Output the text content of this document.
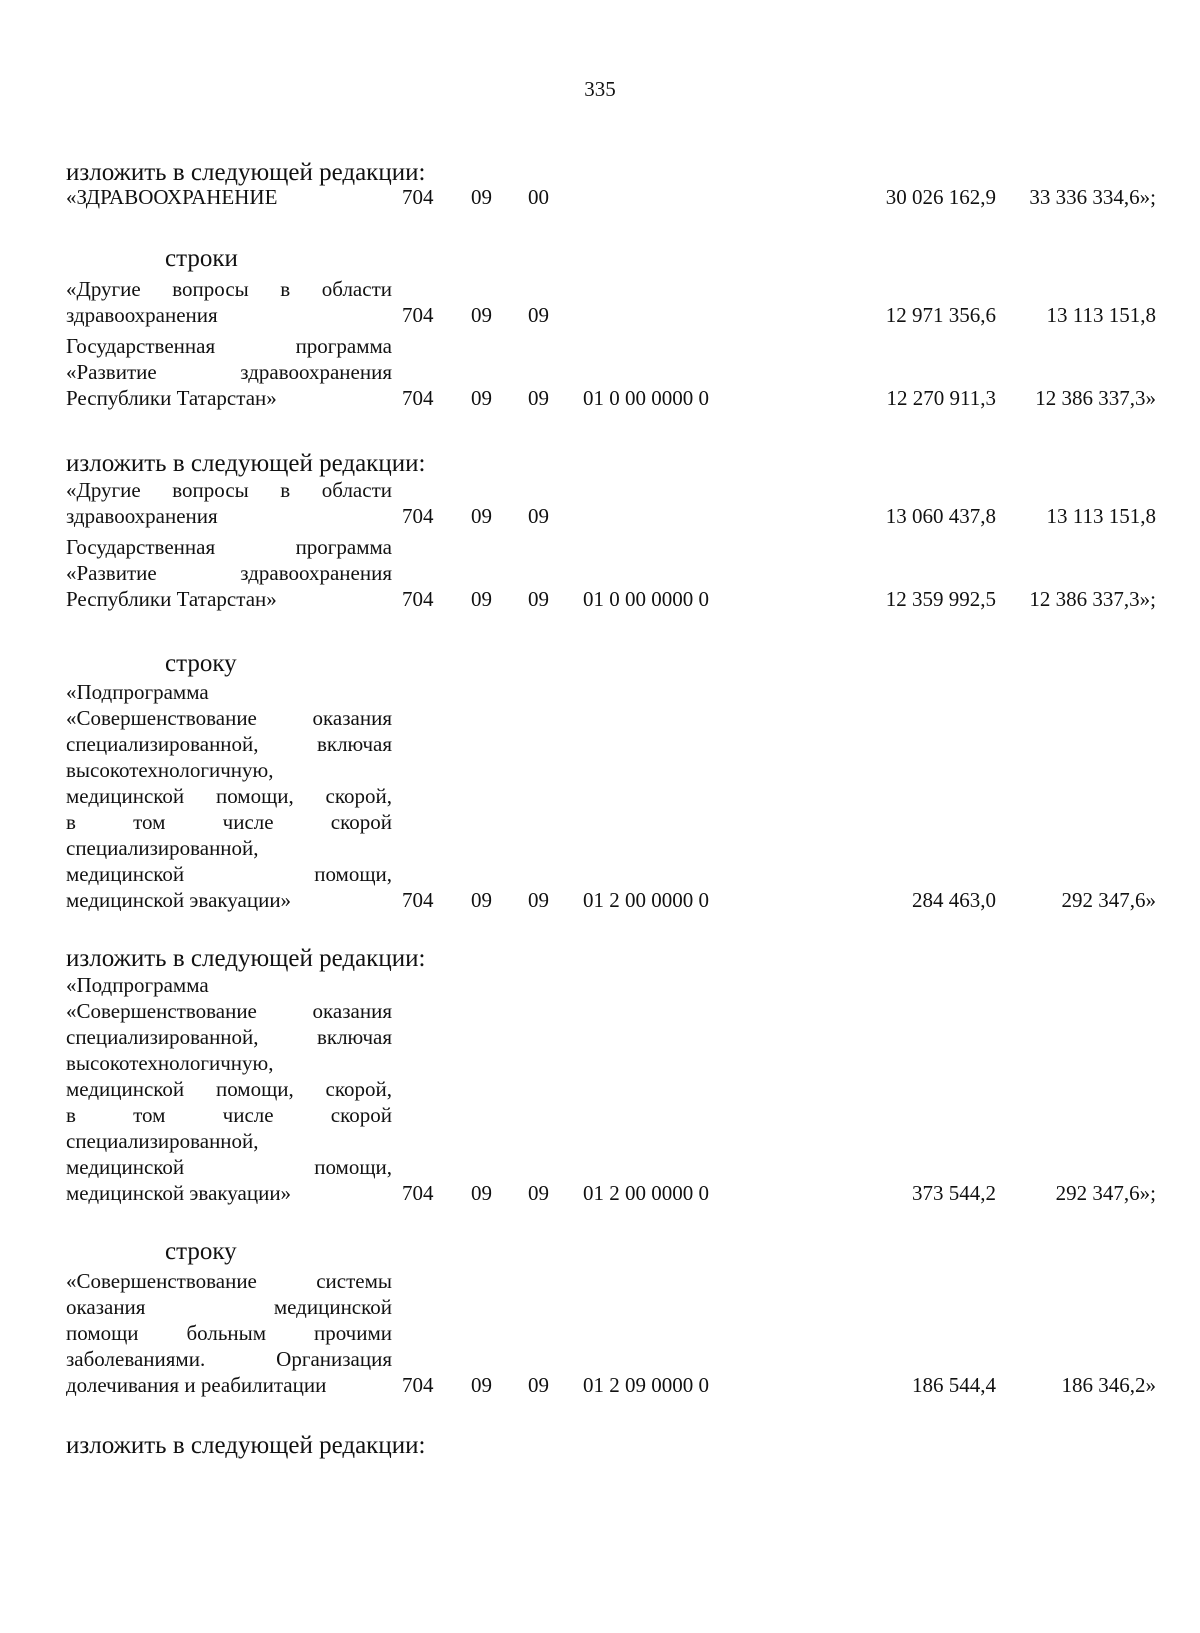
335
изложить в следующей редакции:
«ЗДРАВООХРАНЕНИЕ	704 09 00	30 026 162,9 33 336 334,6»;
строки
«Другие вопросы в области
здравоохранения	704 09 09	12 971 356,6 13 113 151,8
Государственная программа
«Развитие здравоохранения
Республики Татарстан»	704 09 09 01 0 00 0000 0	12 270 911,3 12 386 337,3»
изложить в следующей редакции:
«Другие вопросы в области
здравоохранения	704 09 09	13 060 437,8 13 113 151,8
Государственная программа
«Развитие здравоохранения
Республики Татарстан»	704 09 09 01 0 00 0000 0	12 359 992,5 12 386 337,3»;
строку
«Подпрограмма
«Совершенствование оказания
специализированной, включая
высокотехнологичную,
медицинской помощи, скорой,
в том числе скорой
специализированной,
медицинской помощи,
медицинской эвакуации»	704 09 09 01 2 00 0000 0	284 463,0	292 347,6»
изложить в следующей редакции:
«Подпрограмма
«Совершенствование оказания
специализированной, включая
высокотехнологичную,
медицинской помощи, скорой,
в том числе скорой
специализированной,
медицинской помощи,
медицинской эвакуации»	704 09 09 01 2 00 0000 0	373 544,2	292 347,6»;
строку
«Совершенствование системы
оказания медицинской
помощи больным прочими
заболеваниями. Организация
долечивания и реабилитации	704 09 09 01 2 09 0000 0	186 544,4	186 346,2»
изложить в следующей редакции:
